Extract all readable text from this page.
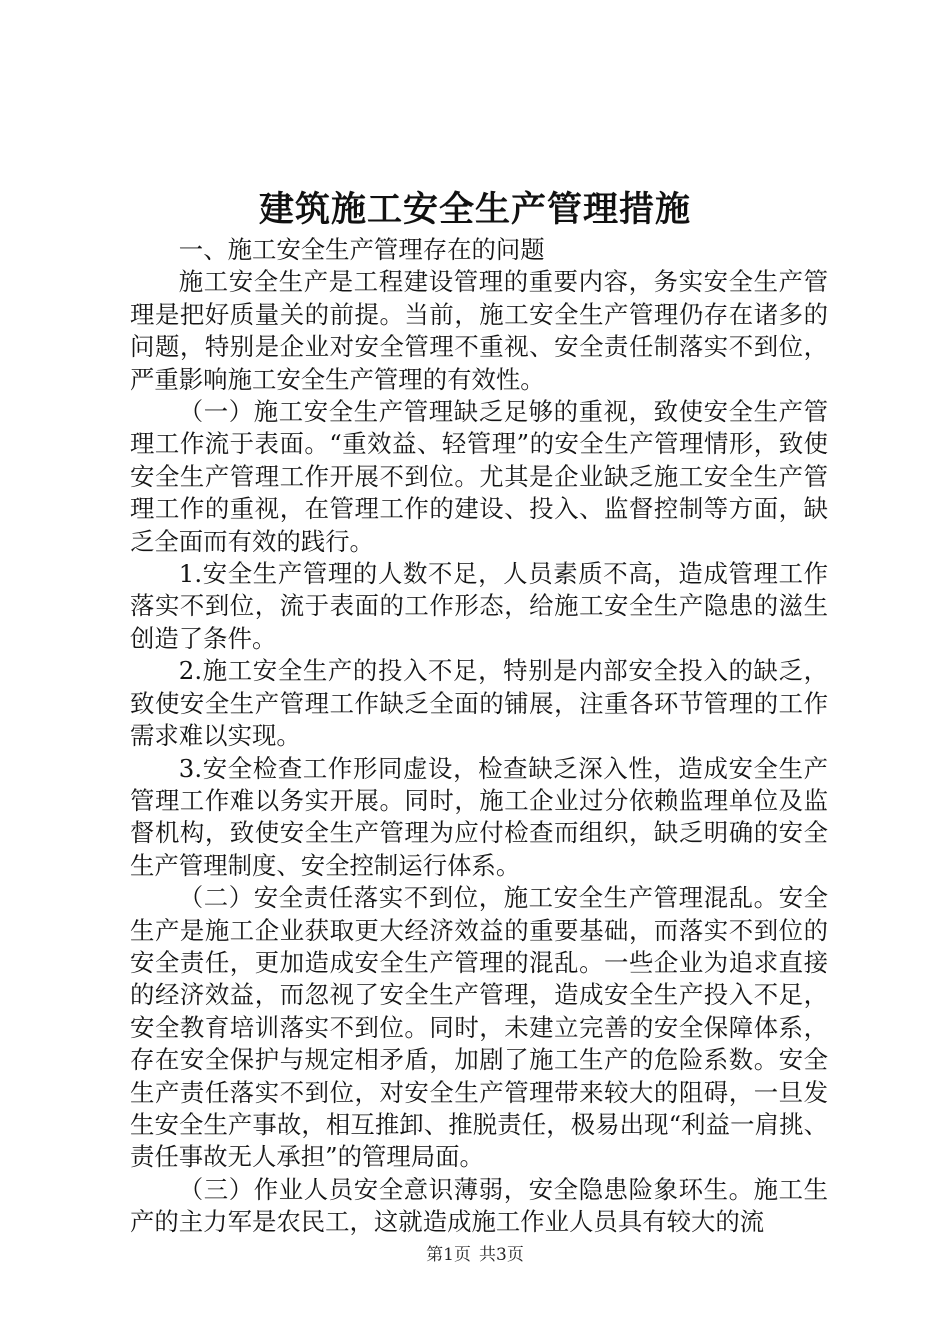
建筑施工安全生产管理措施

一、施工安全生产管理存在的问题

施工安全生产是工程建设管理的重要内容，务实安全生产管理是把好质量关的前提。当前，施工安全生产管理仍存在诸多的问题，特别是企业对安全管理不重视、安全责任制落实不到位，严重影响施工安全生产管理的有效性。

（一）施工安全生产管理缺乏足够的重视，致使安全生产管理工作流于表面。“重效益、轻管理”的安全生产管理情形，致使安全生产管理工作开展不到位。尤其是企业缺乏施工安全生产管理工作的重视，在管理工作的建设、投入、监督控制等方面，缺乏全面而有效的践行。

1.安全生产管理的人数不足，人员素质不高，造成管理工作落实不到位，流于表面的工作形态，给施工安全生产隐患的滋生创造了条件。

2.施工安全生产的投入不足，特别是内部安全投入的缺乏，致使安全生产管理工作缺乏全面的铺展，注重各环节管理的工作需求难以实现。

3.安全检查工作形同虚设，检查缺乏深入性，造成安全生产管理工作难以务实开展。同时，施工企业过分依赖监理单位及监督机构，致使安全生产管理为应付检查而组织，缺乏明确的安全生产管理制度、安全控制运行体系。

（二）安全责任落实不到位，施工安全生产管理混乱。安全生产是施工企业获取更大经济效益的重要基础，而落实不到位的安全责任，更加造成安全生产管理的混乱。一些企业为追求直接的经济效益，而忽视了安全生产管理，造成安全生产投入不足，安全教育培训落实不到位。同时，未建立完善的安全保障体系，存在安全保护与规定相矛盾，加剧了施工生产的危险系数。安全生产责任落实不到位，对安全生产管理带来较大的阻碍，一旦发生安全生产事故，相互推卸、推脱责任，极易出现“利益一肩挑、责任事故无人承担”的管理局面。

（三）作业人员安全意识薄弱，安全隐患险象环生。施工生产的主力军是农民工，这就造成施工作业人员具有较大的流

第1页 共3页
